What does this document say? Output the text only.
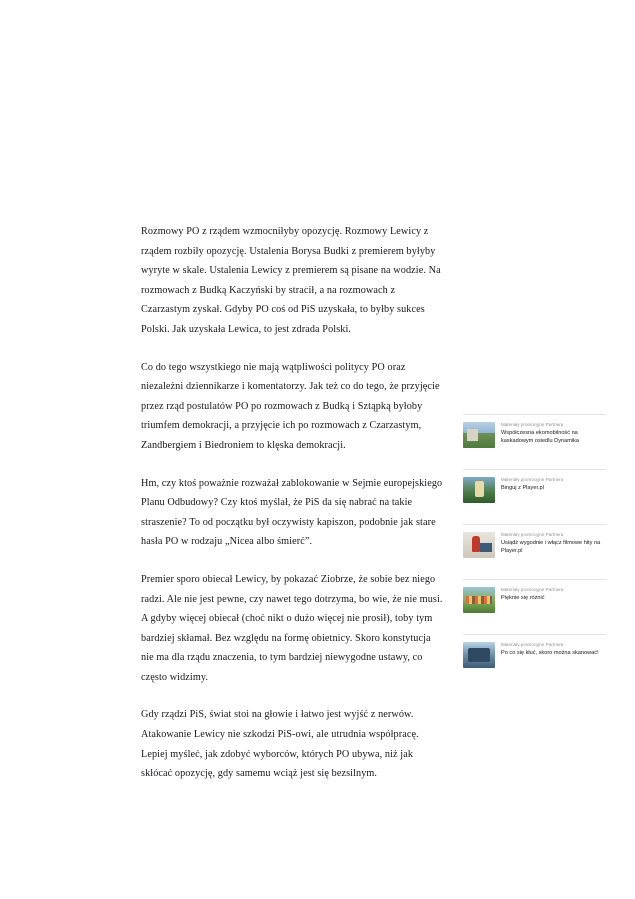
Rozmowy PO z rządem wzmocniłyby opozycję. Rozmowy Lewicy z rządem rozbiły opozycję. Ustalenia Borysa Budki z premierem byłyby wyryte w skale. Ustalenia Lewicy z premierem są pisane na wodzie. Na rozmowach z Budką Kaczyński by stracił, a na rozmowach z Czarzastym zyskał. Gdyby PO coś od PiS uzyskała, to byłby sukces Polski. Jak uzyskała Lewica, to jest zdrada Polski.

Co do tego wszystkiego nie mają wątpliwości politycy PO oraz niezależni dziennikarze i komentatorzy. Jak też co do tego, że przyjęcie przez rząd postulatów PO po rozmowach z Budką i Sztąpką byłoby triumfem demokracji, a przyjęcie ich po rozmowach z Czarzastym, Zandbergiem i Biedroniem to klęska demokracji.

Hm, czy ktoś poważnie rozważał zablokowanie w Sejmie europejskiego Planu Odbudowy? Czy ktoś myślał, że PiS da się nabrać na takie straszenie? To od początku był oczywisty kapiszon, podobnie jak stare hasła PO w rodzaju „Nicea albo śmierć”.

Premier sporo obiecał Lewicy, by pokazać Ziobrze, że sobie bez niego radzi. Ale nie jest pewne, czy nawet tego dotrzyma, bo wie, że nie musi. A gdyby więcej obiecał (choć nikt o dużo więcej nie prosił), toby tym bardziej skłamał. Bez względu na formę obietnicy. Skoro konstytucja nie ma dla rządu znaczenia, to tym bardziej niewygodne ustawy, co często widzimy.

Gdy rządzi PiS, świat stoi na głowie i łatwo jest wyjść z nerwów. Atakowanie Lewicy nie szkodzi PiS-owi, ale utrudnia współpracę. Lepiej myśleć, jak zdobyć wyborców, których PO ubywa, niż jak skłócać opozycję, gdy samemu wciąż jest się bezsilnym.

Materiały promocyjne Partnera
Współczesna ekomobilność na kaskadowym osiedlu Dynamika
Materiały promocyjne Partnera
Binguj z Player.pl
Materiały promocyjne Partnera
Usiądź wygodnie i włącz filmowe hity na Player.pl
Materiały promocyjne Partnera
Pięknie się różnić
Materiały promocyjne Partnera
Po co się kłuć, skoro można skanować!
